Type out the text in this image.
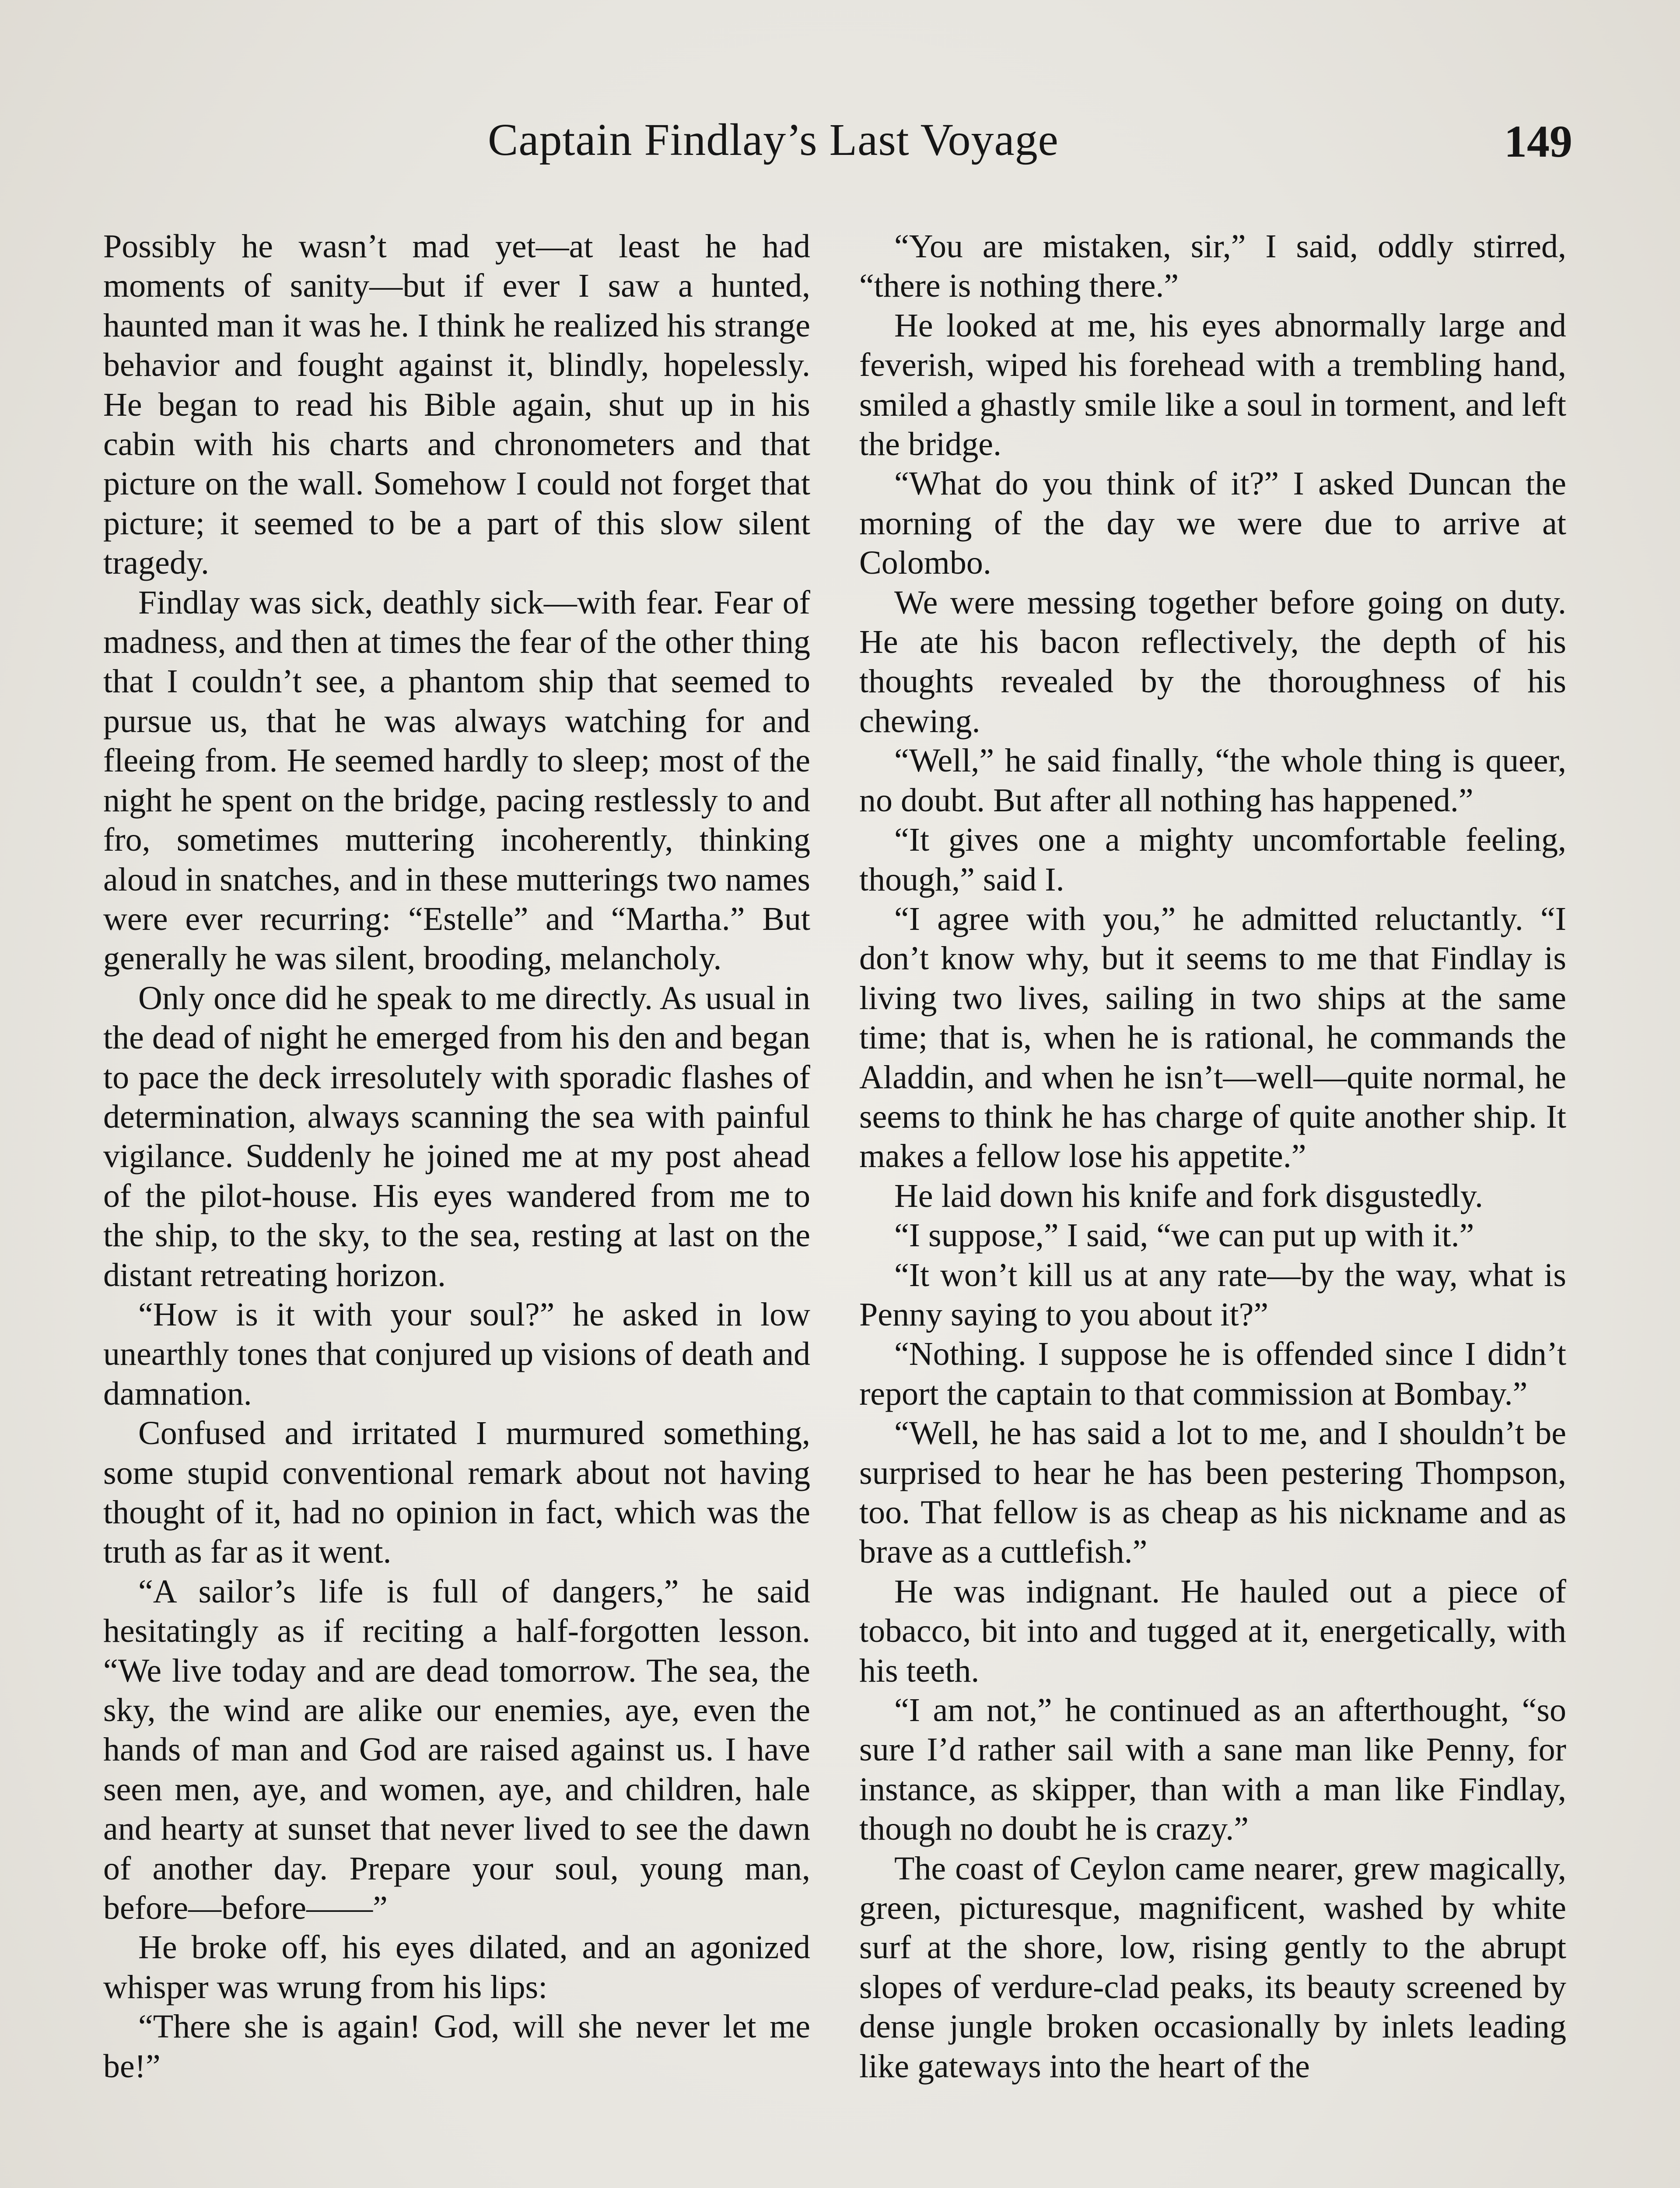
Captain Findlay’s Last Voyage	149

Possibly he wasn’t mad yet—at least he had moments of sanity—but if ever I saw a hunted, haunted man it was he. I think he realized his strange behavior and fought against it, blindly, hopelessly. He began to read his Bible again, shut up in his cabin with his charts and chronometers and that picture on the wall. Somehow I could not forget that picture; it seemed to be a part of this slow silent tragedy.

Findlay was sick, deathly sick—with fear. Fear of madness, and then at times the fear of the other thing that I couldn’t see, a phantom ship that seemed to pursue us, that he was always watching for and fleeing from. He seemed hardly to sleep; most of the night he spent on the bridge, pacing restlessly to and fro, sometimes muttering incoherently, thinking aloud in snatches, and in these mutterings two names were ever recurring: “Estelle” and “Martha.” But generally he was silent, brooding, melancholy.

Only once did he speak to me directly. As usual in the dead of night he emerged from his den and began to pace the deck irresolutely with sporadic flashes of determination, always scanning the sea with painful vigilance. Suddenly he joined me at my post ahead of the pilot-house. His eyes wandered from me to the ship, to the sky, to the sea, resting at last on the distant retreating horizon.

“How is it with your soul?” he asked in low unearthly tones that conjured up visions of death and damnation.

Confused and irritated I murmured something, some stupid conventional remark about not having thought of it, had no opinion in fact, which was the truth as far as it went.

“A sailor’s life is full of dangers,” he said hesitatingly as if reciting a half-forgotten lesson. “We live today and are dead tomorrow. The sea, the sky, the wind are alike our enemies, aye, even the hands of man and God are raised against us. I have seen men, aye, and women, aye, and children, hale and hearty at sunset that never lived to see the dawn of another day. Prepare your soul, young man, before—before——”

He broke off, his eyes dilated, and an agonized whisper was wrung from his lips:

“There she is again! God, will she never let me be!”

“You are mistaken, sir,” I said, oddly stirred, “there is nothing there.”

He looked at me, his eyes abnormally large and feverish, wiped his forehead with a trembling hand, smiled a ghastly smile like a soul in torment, and left the bridge.

“What do you think of it?” I asked Duncan the morning of the day we were due to arrive at Colombo.

We were messing together before going on duty. He ate his bacon reflectively, the depth of his thoughts revealed by the thoroughness of his chewing.

“Well,” he said finally, “the whole thing is queer, no doubt. But after all nothing has happened.”

“It gives one a mighty uncomfortable feeling, though,” said I.

“I agree with you,” he admitted reluctantly. “I don’t know why, but it seems to me that Findlay is living two lives, sailing in two ships at the same time; that is, when he is rational, he commands the Aladdin, and when he isn’t—well—quite normal, he seems to think he has charge of quite another ship. It makes a fellow lose his appetite.”

He laid down his knife and fork disgustedly.

“I suppose,” I said, “we can put up with it.”

“It won’t kill us at any rate—by the way, what is Penny saying to you about it?”

“Nothing. I suppose he is offended since I didn’t report the captain to that commission at Bombay.”

“Well, he has said a lot to me, and I shouldn’t be surprised to hear he has been pestering Thompson, too. That fellow is as cheap as his nickname and as brave as a cuttlefish.”

He was indignant. He hauled out a piece of tobacco, bit into and tugged at it, energetically, with his teeth.

“I am not,” he continued as an afterthought, “so sure I’d rather sail with a sane man like Penny, for instance, as skipper, than with a man like Findlay, though no doubt he is crazy.”

The coast of Ceylon came nearer, grew magically, green, picturesque, magnificent, washed by white surf at the shore, low, rising gently to the abrupt slopes of verdure-clad peaks, its beauty screened by dense jungle broken occasionally by inlets leading like gateways into the heart of the
